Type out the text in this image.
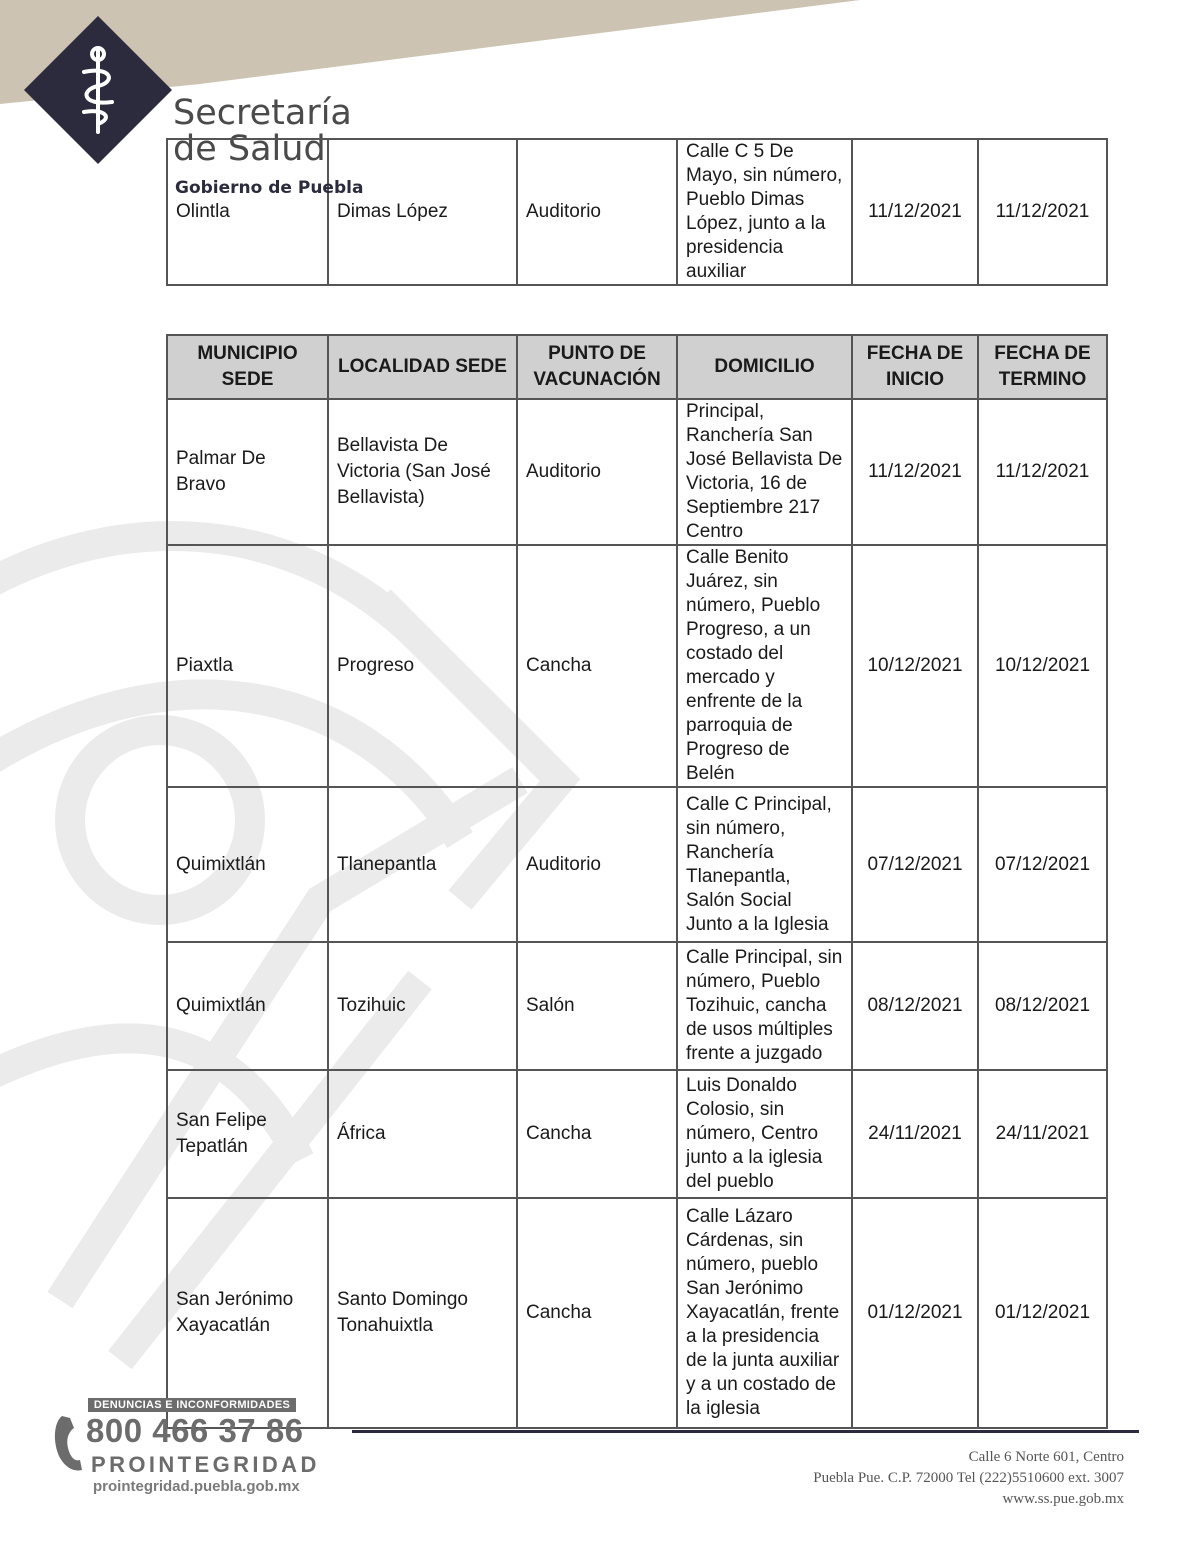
Secretaría
de Salud
Olintla	Dimas López	Auditorio	Calle C 5 De Mayo, sin número, Pueblo Dimas López, junto a la presidencia auxiliar	11/12/2021	11/12/2021
Gobierno de Puebla
MUNICIPIO SEDE	LOCALIDAD SEDE	PUNTO DE VACUNACIÓN	DOMICILIO	FECHA DE INICIO	FECHA DE TERMINO
Palmar De Bravo	Bellavista De Victoria (San José Bellavista)	Auditorio	Principal, Ranchería San José Bellavista De Victoria, 16 de Septiembre 217 Centro	11/12/2021	11/12/2021
Piaxtla	Progreso	Cancha	Calle Benito Juárez, sin número, Pueblo Progreso, a un costado del mercado y enfrente de la parroquia de Progreso de Belén	10/12/2021	10/12/2021
Quimixtlán	Tlanepantla	Auditorio	Calle C Principal, sin número, Ranchería Tlanepantla, Salón Social Junto a la Iglesia	07/12/2021	07/12/2021
Quimixtlán	Tozihuic	Salón	Calle Principal, sin número, Pueblo Tozihuic, cancha de usos múltiples frente a juzgado	08/12/2021	08/12/2021
San Felipe Tepatlán	África	Cancha	Luis Donaldo Colosio, sin número, Centro junto a la iglesia del pueblo	24/11/2021	24/11/2021
San Jerónimo Xayacatlán	Santo Domingo Tonahuixtla	Cancha	Calle Lázaro Cárdenas, sin número, pueblo San Jerónimo Xayacatlán, frente a la presidencia de la junta auxiliar y a un costado de la iglesia	01/12/2021	01/12/2021
DENUNCIAS E INCONFORMIDADES
800 466 37 86
PROINTEGRIDAD
prointegridad.puebla.gob.mx
Calle 6 Norte 601, Centro
Puebla Pue. C.P. 72000 Tel (222)5510600 ext. 3007
www.ss.pue.gob.mx
